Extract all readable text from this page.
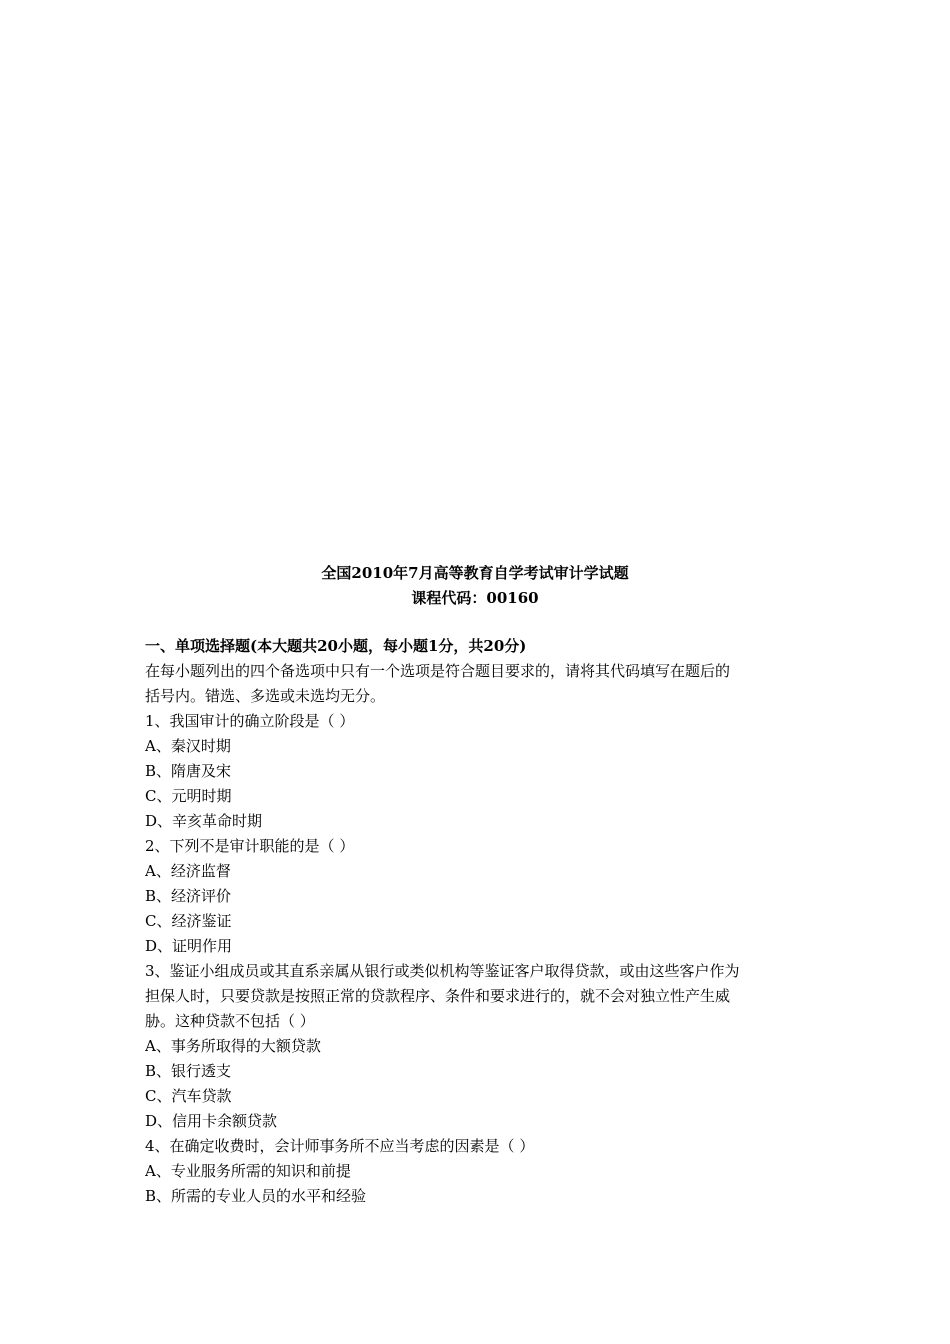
全国2010年7月高等教育自学考试审计学试题
课程代码：00160
一、单项选择题(本大题共20小题，每小题1分，共20分)
在每小题列出的四个备选项中只有一个选项是符合题目要求的，请将其代码填写在题后的
括号内。错选、多选或未选均无分。
1、我国审计的确立阶段是（ ）
A、秦汉时期
B、隋唐及宋
C、元明时期
D、辛亥革命时期
2、下列不是审计职能的是（ ）
A、经济监督
B、经济评价
C、经济鉴证
D、证明作用
3、鉴证小组成员或其直系亲属从银行或类似机构等鉴证客户取得贷款，或由这些客户作为
担保人时，只要贷款是按照正常的贷款程序、条件和要求进行的，就不会对独立性产生威
胁。这种贷款不包括（ ）
A、事务所取得的大额贷款
B、银行透支
C、汽车贷款
D、信用卡余额贷款
4、在确定收费时，会计师事务所不应当考虑的因素是（ ）
A、专业服务所需的知识和前提
B、所需的专业人员的水平和经验
